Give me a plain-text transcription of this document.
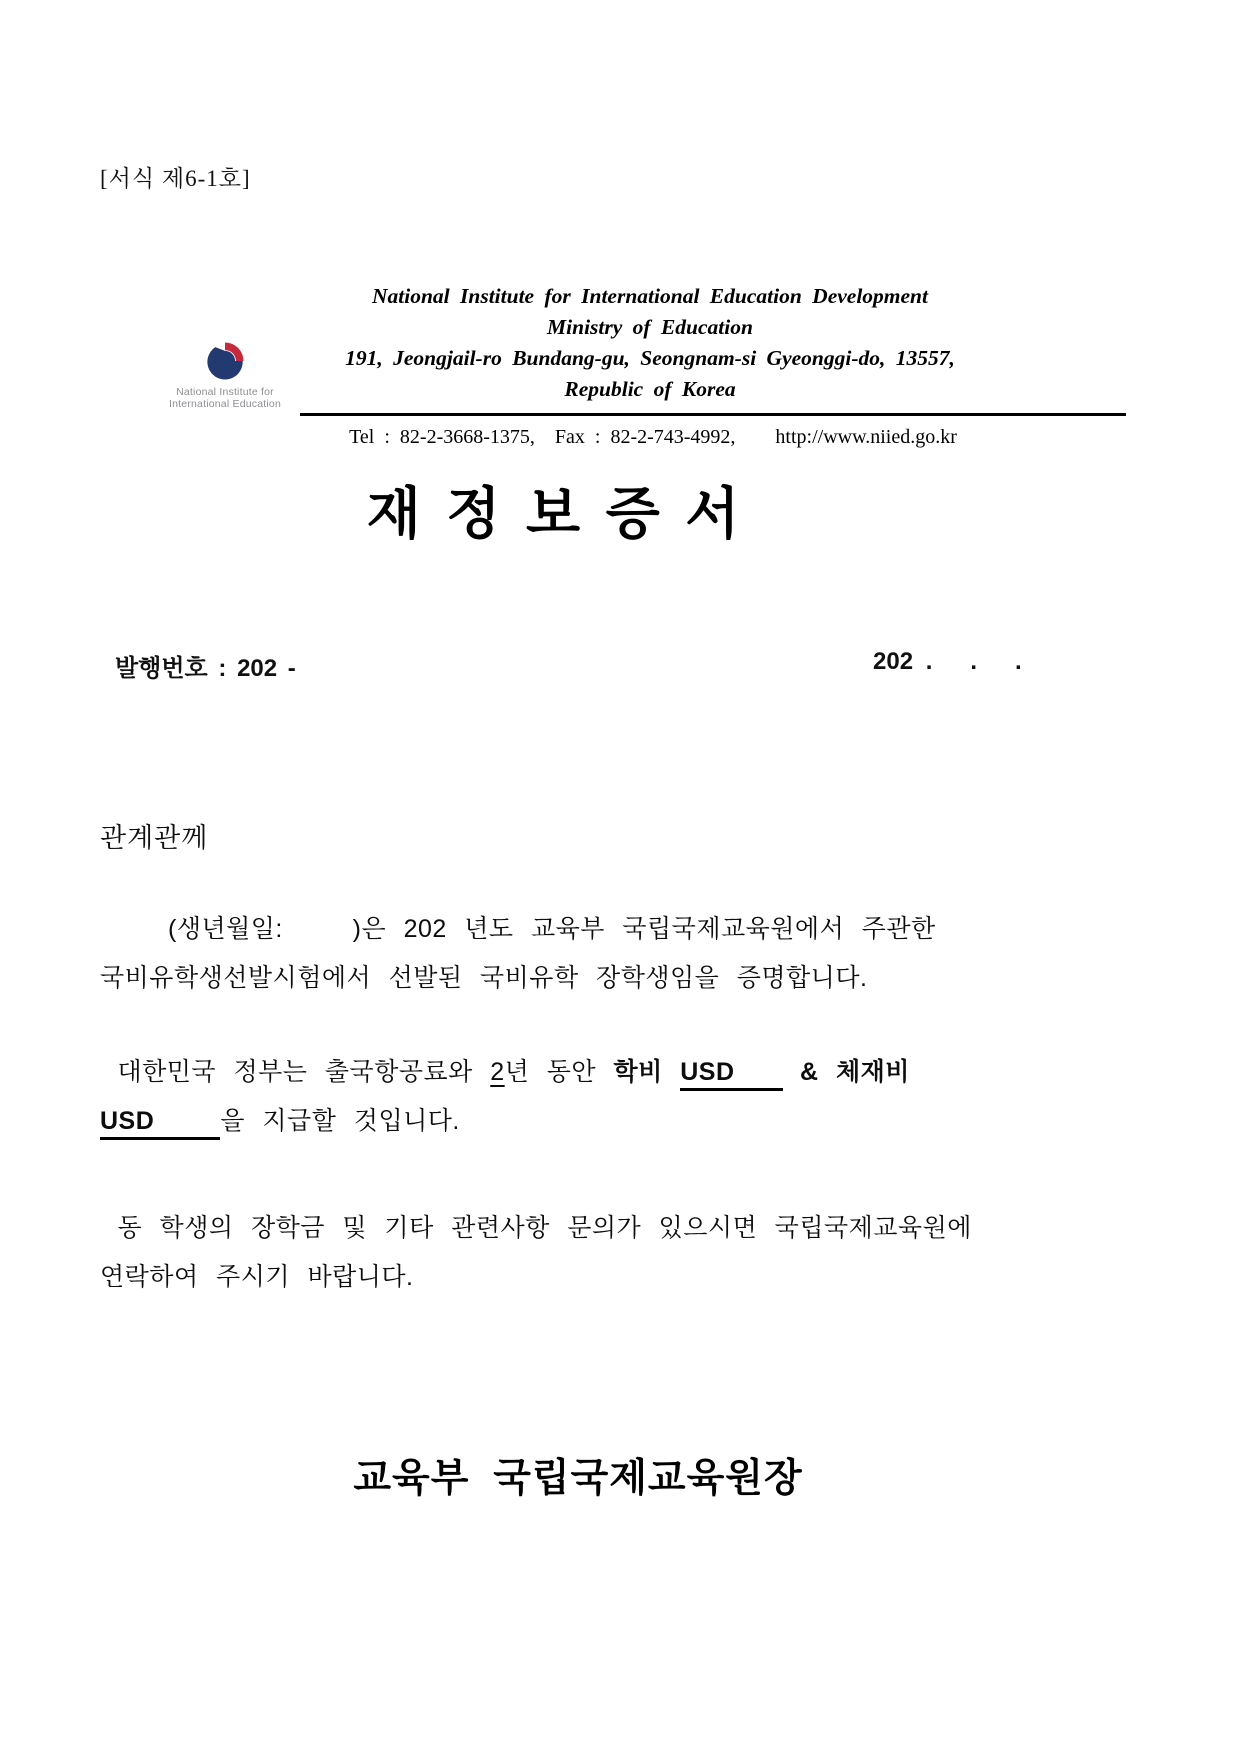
[서식 제6-1호]
National Institute for
International Education
National Institute for International Education Development
Ministry of Education
191, Jeongjail-ro Bundang-gu, Seongnam-si Gyeonggi-do, 13557,
Republic of Korea
Tel : 82-2-3668-1375,  Fax : 82-2-743-4992,    http://www.niied.go.kr
재 정 보 증 서
발행번호 : 202 -	202 .   .   .
관계관께
(생년월일:    )은 202 년도 교육부 국립국제교육원에서 주관한
국비유학생선발시험에서 선발된 국비유학 장학생임을 증명합니다.
대한민국 정부는 출국항공료와 2년 동안 학비 USD & 체재비
USD	을 지급할 것입니다.
동 학생의 장학금 및 기타 관련사항 문의가 있으시면 국립국제교육원에
연락하여 주시기 바랍니다.
교육부 국립국제교육원장
